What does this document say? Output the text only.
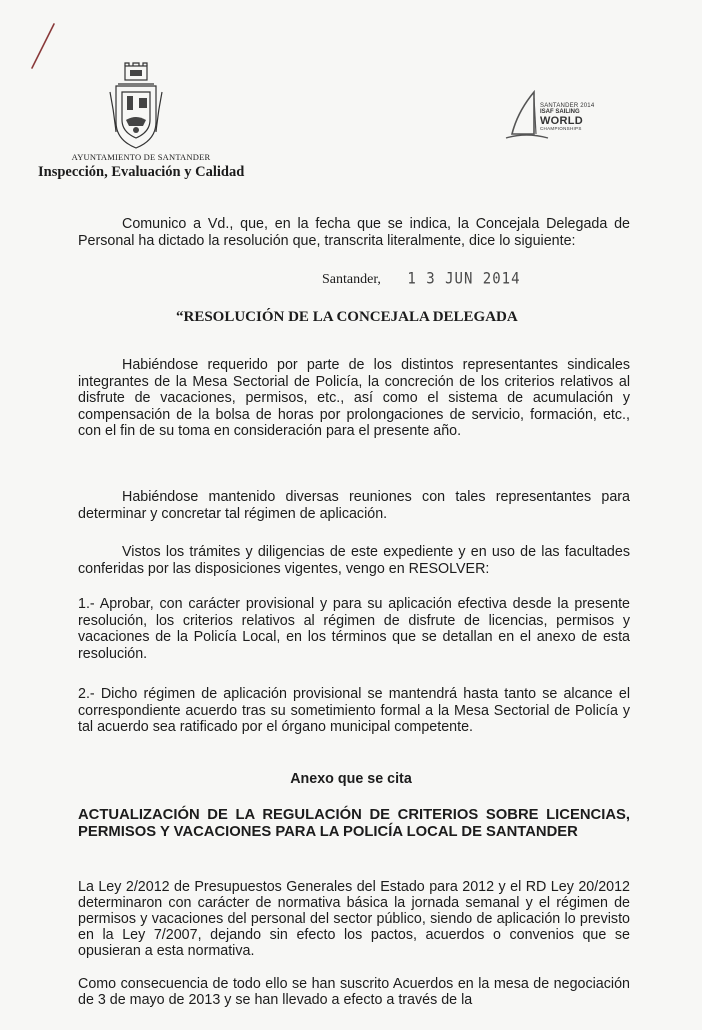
AYUNTAMIENTO DE SANTANDER
Inspección, Evaluación y Calidad
SANTANDER 2014
ISAF SAILING
WORLD
CHAMPIONSHIPS

Comunico a Vd., que, en la fecha que se indica, la Concejala Delegada de Personal ha dictado la resolución que, transcrita literalmente, dice lo siguiente:

Santander, 1 3 JUN 2014
“RESOLUCIÓN DE LA CONCEJALA DELEGADA

Habiéndose requerido por parte de los distintos representantes sindicales integrantes de la Mesa Sectorial de Policía, la concreción de los criterios relativos al disfrute de vacaciones, permisos, etc., así como el sistema de acumulación y compensación de la bolsa de horas por prolongaciones de servicio, formación, etc., con el fin de su toma en consideración para el presente año.

Habiéndose mantenido diversas reuniones con tales representantes para determinar y concretar tal régimen de aplicación.

Vistos los trámites y diligencias de este expediente y en uso de las facultades conferidas por las disposiciones vigentes, vengo en RESOLVER:

1.- Aprobar, con carácter provisional y para su aplicación efectiva desde la presente resolución, los criterios relativos al régimen de disfrute de licencias, permisos y vacaciones de la Policía Local, en los términos que se detallan en el anexo de esta resolución.

2.- Dicho régimen de aplicación provisional se mantendrá hasta tanto se alcance el correspondiente acuerdo tras su sometimiento formal a la Mesa Sectorial de Policía y tal acuerdo sea ratificado por el órgano municipal competente.

Anexo que se cita

ACTUALIZACIÓN DE LA REGULACIÓN DE CRITERIOS SOBRE LICENCIAS, PERMISOS Y VACACIONES PARA LA POLICÍA LOCAL DE SANTANDER

La Ley 2/2012 de Presupuestos Generales del Estado para 2012 y el RD Ley 20/2012 determinaron con carácter de normativa básica la jornada semanal y el régimen de permisos y vacaciones del personal del sector público, siendo de aplicación lo previsto en la Ley 7/2007, dejando sin efecto los pactos, acuerdos o convenios que se opusieran a esta normativa.

Como consecuencia de todo ello se han suscrito Acuerdos en la mesa de negociación de 3 de mayo de 2013 y se han llevado a efecto a través de la
